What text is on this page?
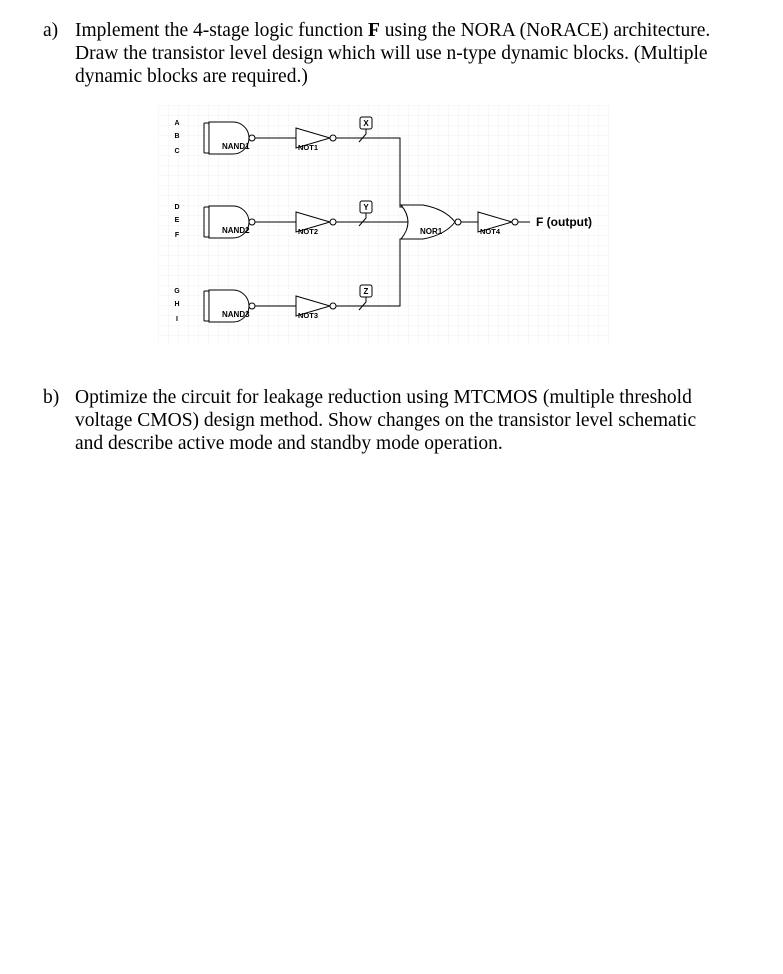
a) Implement the 4-stage logic function F using the NORA (NoRACE) architecture.
Draw the transistor level design which will use n-type dynamic blocks. (Multiple
dynamic blocks are required.)
A
B
C
D
E
F
G
H
I
NAND1
NAND2
NAND3
NOT1
NOT2
NOT3
X
Y
Z
NOR1	NOT4
F (output)
b) Optimize the circuit for leakage reduction using MTCMOS (multiple threshold
voltage CMOS) design method. Show changes on the transistor level schematic
and describe active mode and standby mode operation.
